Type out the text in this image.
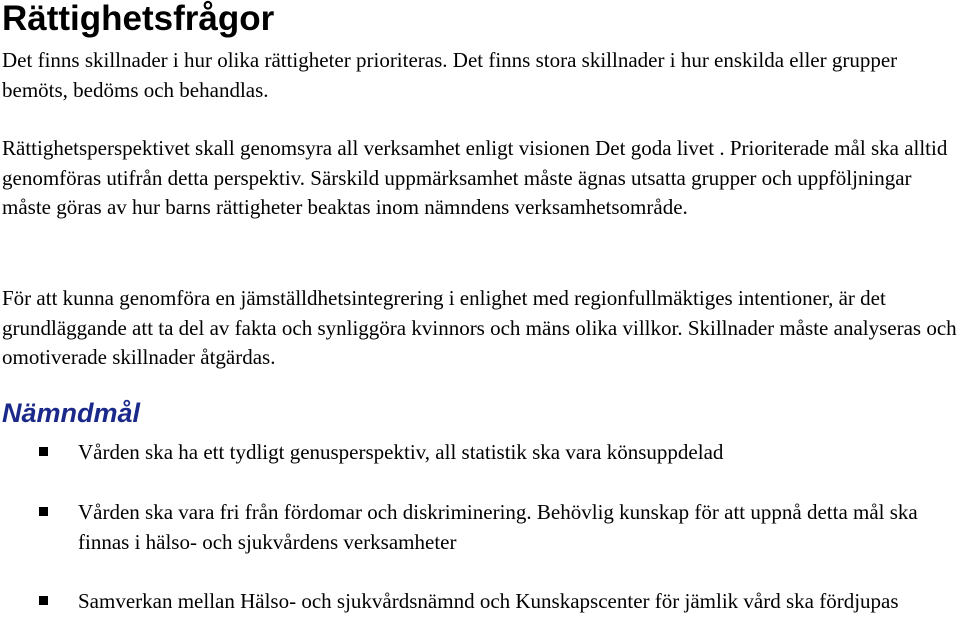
Rättighetsfrågor

Det finns skillnader i hur olika rättigheter prioriteras. Det finns stora skillnader i hur enskilda eller grupper bemöts, bedöms och behandlas.

Rättighetsperspektivet skall genomsyra all verksamhet enligt visionen Det goda livet . Prioriterade mål ska alltid genomföras utifrån detta perspektiv. Särskild uppmärksamhet måste ägnas utsatta grupper och uppföljningar måste göras av hur barns rättigheter beaktas inom nämndens verksamhetsområde.

För att kunna genomföra en jämställdhetsintegrering i enlighet med regionfullmäktiges intentioner, är det grundläggande att ta del av fakta och synliggöra kvinnors och mäns olika villkor. Skillnader måste analyseras och omotiverade skillnader åtgärdas.

Nämndmål

Vården ska ha ett tydligt genusperspektiv, all statistik ska vara könsuppdelad

Vården ska vara fri från fördomar och diskriminering. Behövlig kunskap för att uppnå detta mål ska finnas i hälso- och sjukvårdens verksamheter

Samverkan mellan Hälso- och sjukvårdsnämnd och Kunskapscenter för jämlik vård ska fördjupas
